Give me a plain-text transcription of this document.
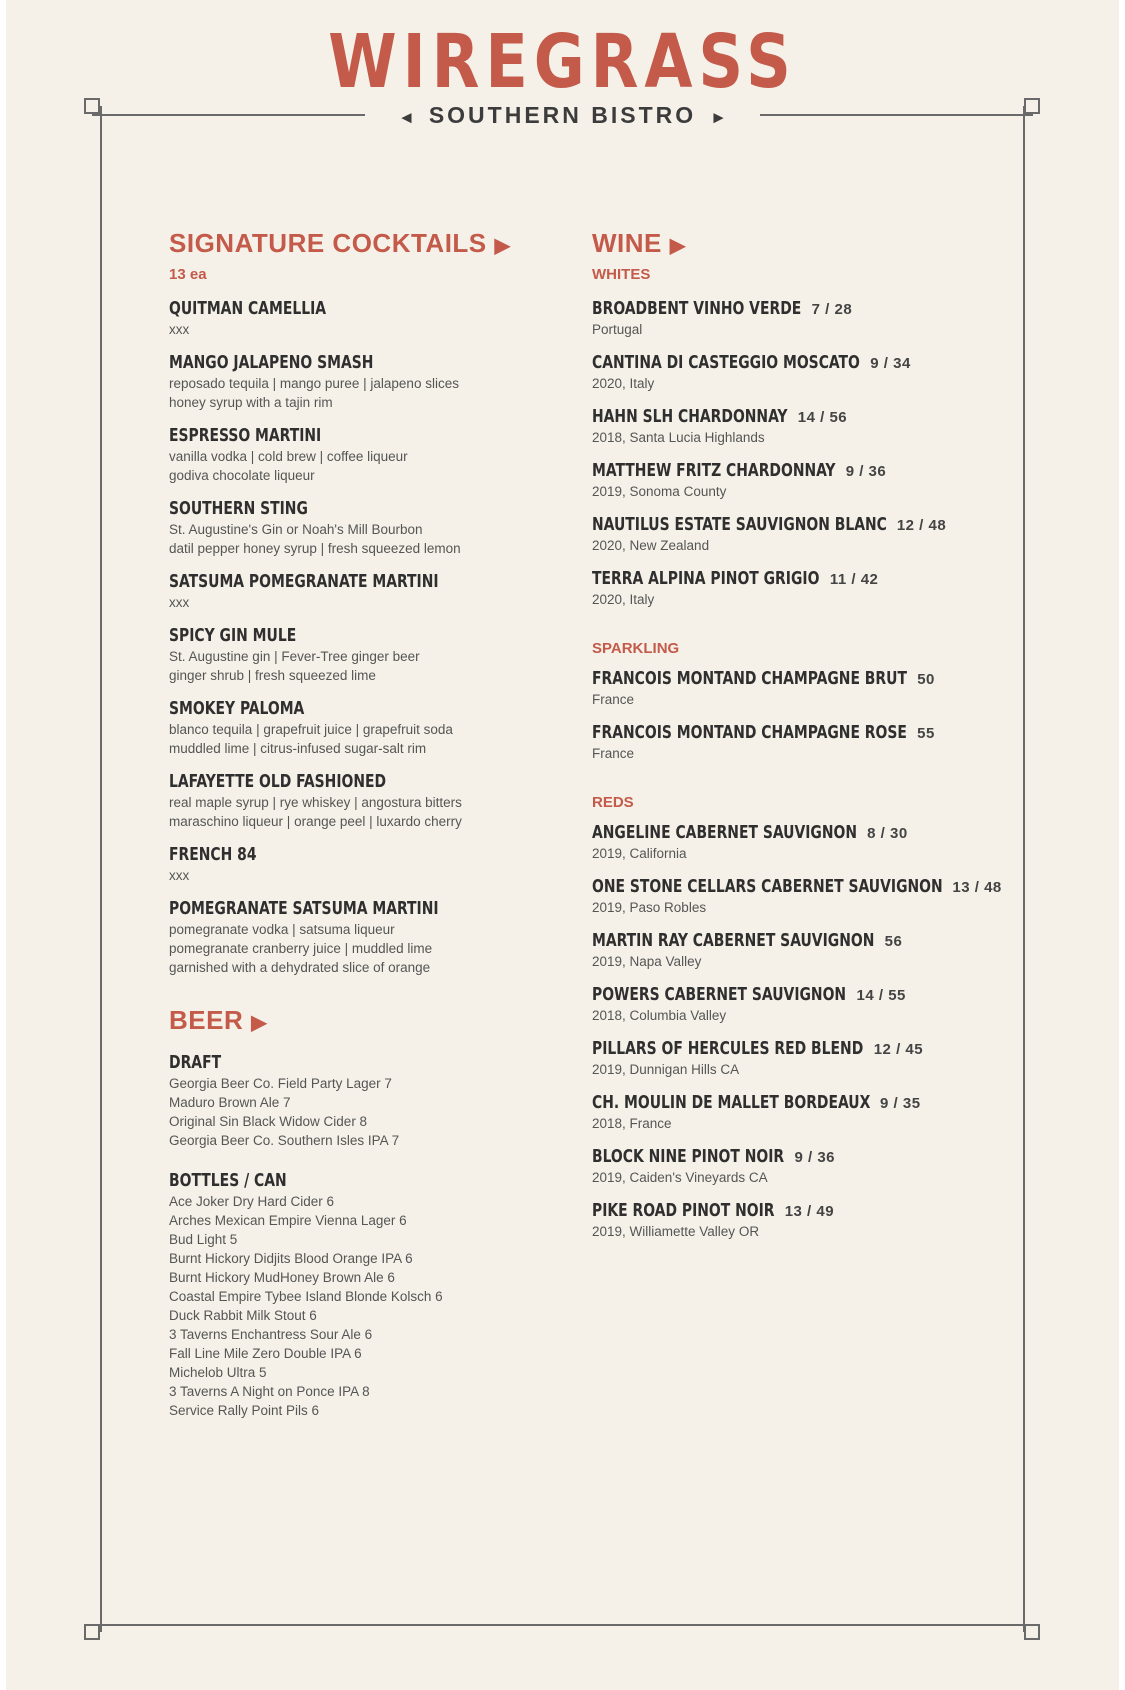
WIREGRASS
◄ SOUTHERN BISTRO ►
SIGNATURE COCKTAILS ▶
13 ea
QUITMAN CAMELLIA
xxx
MANGO JALAPENO SMASH
reposado tequila | mango puree | jalapeno slices
honey syrup with a tajin rim
ESPRESSO MARTINI
vanilla vodka | cold brew | coffee liqueur
godiva chocolate liqueur
SOUTHERN STING
St. Augustine's Gin or Noah's Mill Bourbon
datil pepper honey syrup | fresh squeezed lemon
SATSUMA POMEGRANATE MARTINI
xxx
SPICY GIN MULE
St. Augustine gin | Fever-Tree ginger beer
ginger shrub | fresh squeezed lime
SMOKEY PALOMA
blanco tequila | grapefruit juice | grapefruit soda
muddled lime | citrus-infused sugar-salt rim
LAFAYETTE OLD FASHIONED
real maple syrup | rye whiskey | angostura bitters
maraschino liqueur | orange peel | luxardo cherry
FRENCH 84
xxx
POMEGRANATE SATSUMA MARTINI
pomegranate vodka | satsuma liqueur
pomegranate cranberry juice | muddled lime
garnished with a dehydrated slice of orange
BEER ▶
DRAFT
Georgia Beer Co. Field Party Lager 7
Maduro Brown Ale 7
Original Sin Black Widow Cider 8
Georgia Beer Co. Southern Isles IPA 7
BOTTLES / CAN
Ace Joker Dry Hard Cider 6
Arches Mexican Empire Vienna Lager 6
Bud Light 5
Burnt Hickory Didjits Blood Orange IPA 6
Burnt Hickory MudHoney Brown Ale 6
Coastal Empire Tybee Island Blonde Kolsch 6
Duck Rabbit Milk Stout 6
3 Taverns Enchantress Sour Ale 6
Fall Line Mile Zero Double IPA 6
Michelob Ultra 5
3 Taverns A Night on Ponce IPA 8
Service Rally Point Pils 6
WINE ▶
WHITES
BROADBENT VINHO VERDE 7 / 28
Portugal
CANTINA DI CASTEGGIO MOSCATO 9 / 34
2020, Italy
HAHN SLH CHARDONNAY 14 / 56
2018, Santa Lucia Highlands
MATTHEW FRITZ CHARDONNAY 9 / 36
2019, Sonoma County
NAUTILUS ESTATE SAUVIGNON BLANC 12 / 48
2020, New Zealand
TERRA ALPINA PINOT GRIGIO 11 / 42
2020, Italy
SPARKLING
FRANCOIS MONTAND CHAMPAGNE BRUT 50
France
FRANCOIS MONTAND CHAMPAGNE ROSE 55
France
REDS
ANGELINE CABERNET SAUVIGNON 8 / 30
2019, California
ONE STONE CELLARS CABERNET SAUVIGNON 13 / 48
2019, Paso Robles
MARTIN RAY CABERNET SAUVIGNON 56
2019, Napa Valley
POWERS CABERNET SAUVIGNON 14 / 55
2018, Columbia Valley
PILLARS OF HERCULES RED BLEND 12 / 45
2019, Dunnigan Hills CA
CH. MOULIN DE MALLET BORDEAUX 9 / 35
2018, France
BLOCK NINE PINOT NOIR 9 / 36
2019, Caiden's Vineyards CA
PIKE ROAD PINOT NOIR 13 / 49
2019, Williamette Valley OR
